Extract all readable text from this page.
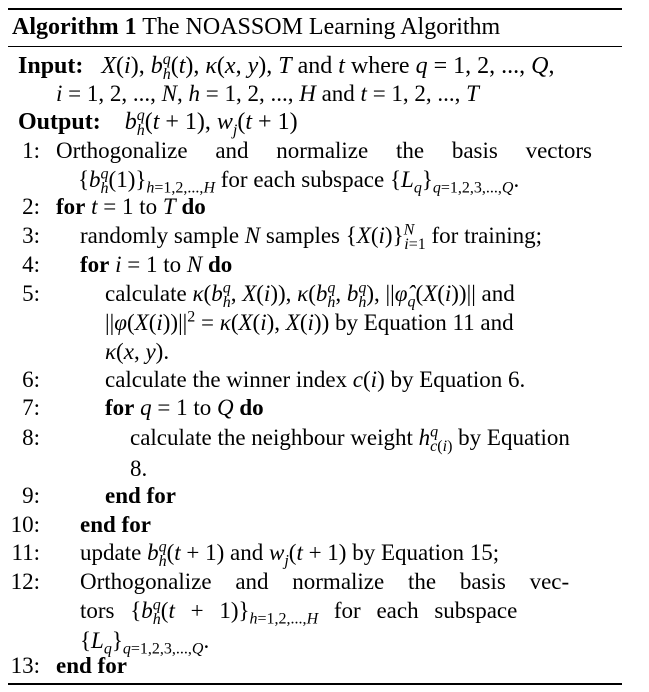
Algorithm 1 The NOASSOM Learning Algorithm
Input: X(i), $b^q_h(t)$, κ(x, y), T and t where q = 1, 2, ..., Q,
i = 1, 2, ..., N, h = 1, 2, ..., H and t = 1, 2, ..., T
Output: $b^q_h(t + 1)$, $w_j(t + 1)$
1: Orthogonalize and normalize the basis vectors
$\{b^q_h(1)\}_{h=1,2,...,H}$ for each subspace $\{L_q\}_{q=1,2,3,...,Q}$.
2: for t = 1 to T do
3: randomly sample N samples $\{X(i)\}^N_{i=1}$ for training;
4: for i = 1 to N do
5:	calculate $\kappa(b^q_h$, X(i)), $\kappa(b^q_h$, $b^q_h$), $||\varphî_q(X(i))||$ and
$||\varphi(X(i))||^2 = \kappa(X(i)$, X(i)) by Equation 11 and
κ(x, y).
6:	calculate the winner index c(i) by Equation 6.
7:	for q = 1 to Q do
8:	calculate the neighbour weight $h^q_{c(i)}$ by Equation
8.
9:	end for
10: end for
11: update $b^q_h(t + 1)$ and $w_j(t + 1)$ by Equation 15;
12: Orthogonalize and normalize the basis vec-
tors $\{b^q_h(t + 1)\}_{h=1,2,...,H}$ for each subspace
$\{L_q\}_{q=1,2,3,...,Q}$.
13: end for
